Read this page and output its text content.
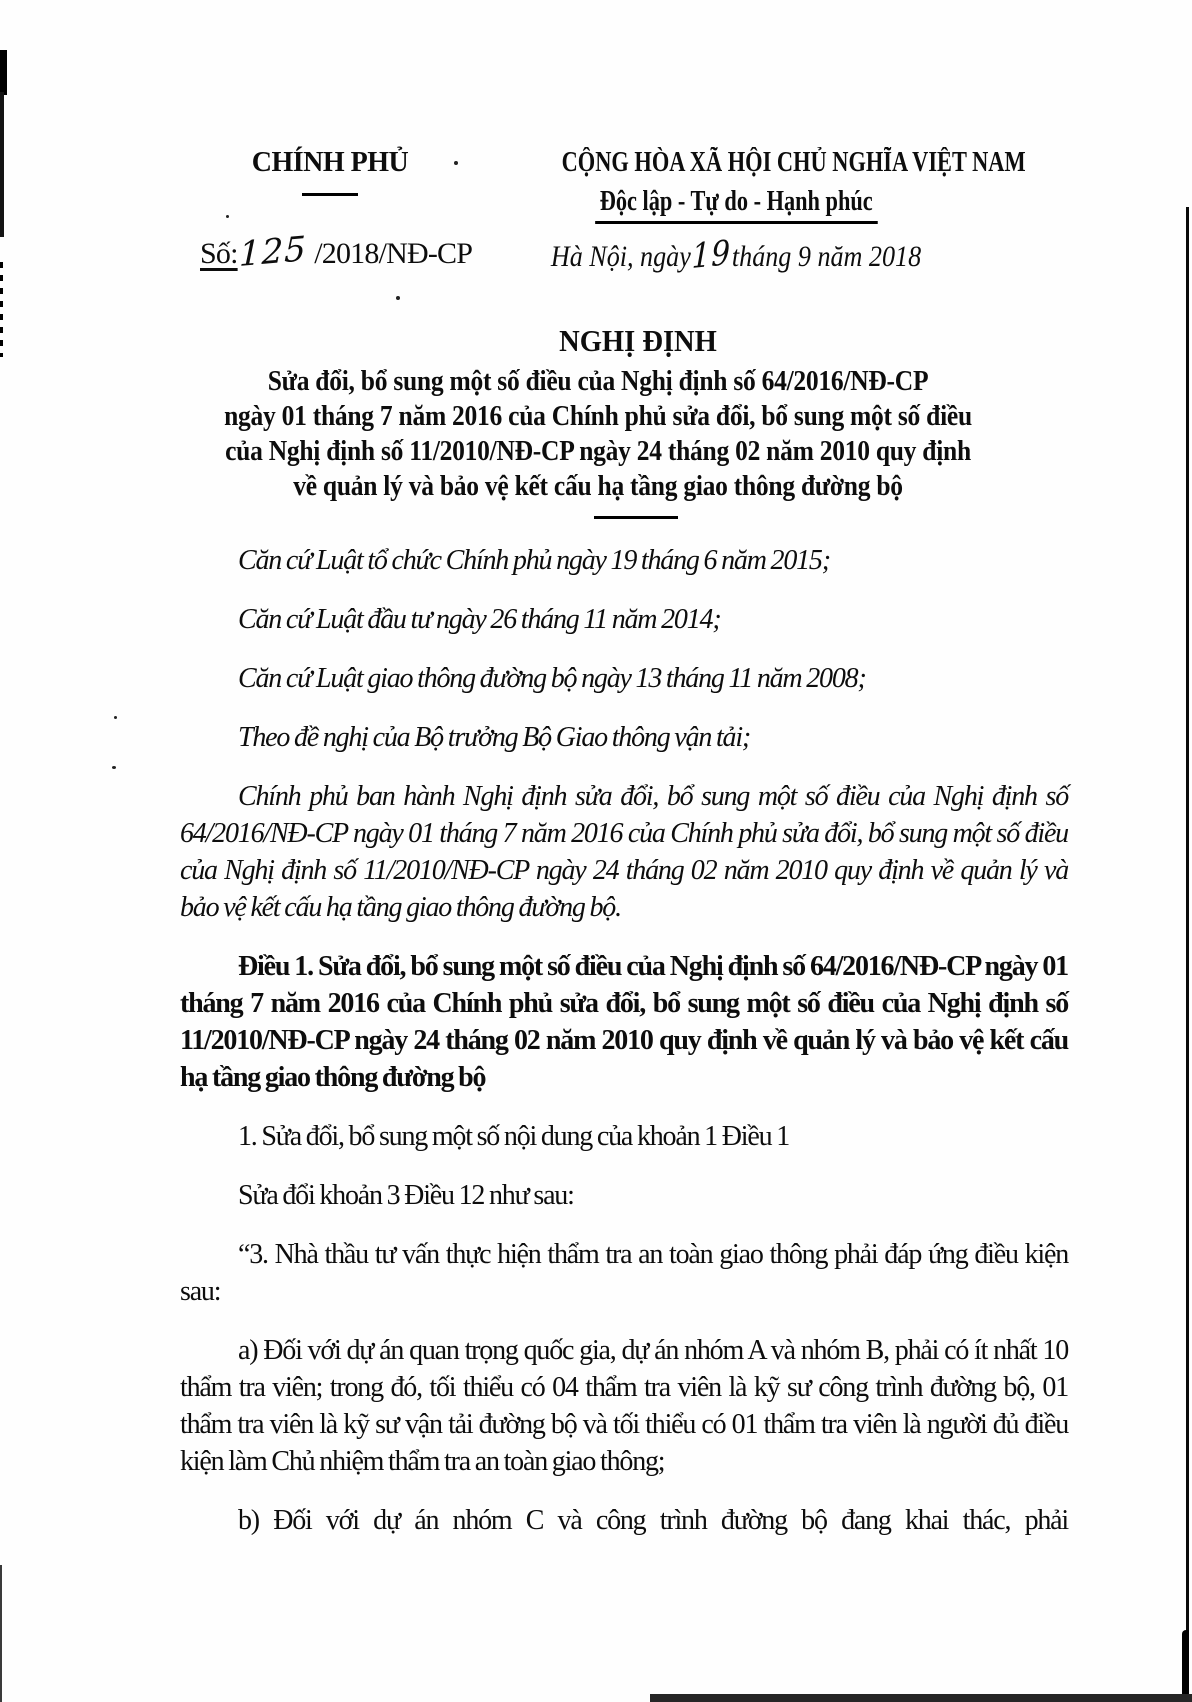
CHÍNH PHỦ
Số:125 /2018/NĐ-CP
CỘNG HÒA XÃ HỘI CHỦ NGHĨA VIỆT NAM
Độc lập - Tự do - Hạnh phúc
Hà Nội, ngày19tháng 9 năm 2018
NGHỊ ĐỊNH
Sửa đổi, bổ sung một số điều của Nghị định số 64/2016/NĐ-CP
ngày 01 tháng 7 năm 2016 của Chính phủ sửa đổi, bổ sung một số điều
của Nghị định số 11/2010/NĐ-CP ngày 24 tháng 02 năm 2010 quy định
về quản lý và bảo vệ kết cấu hạ tầng giao thông đường bộ

Căn cứ Luật tổ chức Chính phủ ngày 19 tháng 6 năm 2015;

Căn cứ Luật đầu tư ngày 26 tháng 11 năm 2014;

Căn cứ Luật giao thông đường bộ ngày 13 tháng 11 năm 2008;

Theo đề nghị của Bộ trưởng Bộ Giao thông vận tải;

Chính phủ ban hành Nghị định sửa đổi, bổ sung một số điều của Nghị định số 64/2016/NĐ-CP ngày 01 tháng 7 năm 2016 của Chính phủ sửa đổi, bổ sung một số điều của Nghị định số 11/2010/NĐ-CP ngày 24 tháng 02 năm 2010 quy định về quản lý và bảo vệ kết cấu hạ tầng giao thông đường bộ.

Điều 1. Sửa đổi, bổ sung một số điều của Nghị định số 64/2016/NĐ-CP ngày 01 tháng 7 năm 2016 của Chính phủ sửa đổi, bổ sung một số điều của Nghị định số 11/2010/NĐ-CP ngày 24 tháng 02 năm 2010 quy định về quản lý và bảo vệ kết cấu hạ tầng giao thông đường bộ

1. Sửa đổi, bổ sung một số nội dung của khoản 1 Điều 1

Sửa đổi khoản 3 Điều 12 như sau:

“3. Nhà thầu tư vấn thực hiện thẩm tra an toàn giao thông phải đáp ứng điều kiện sau:

a) Đối với dự án quan trọng quốc gia, dự án nhóm A và nhóm B, phải có ít nhất 10 thẩm tra viên; trong đó, tối thiểu có 04 thẩm tra viên là kỹ sư công trình đường bộ, 01 thẩm tra viên là kỹ sư vận tải đường bộ và tối thiểu có 01 thẩm tra viên là người đủ điều kiện làm Chủ nhiệm thẩm tra an toàn giao thông;

b) Đối với dự án nhóm C và công trình đường bộ đang khai thác, phải
